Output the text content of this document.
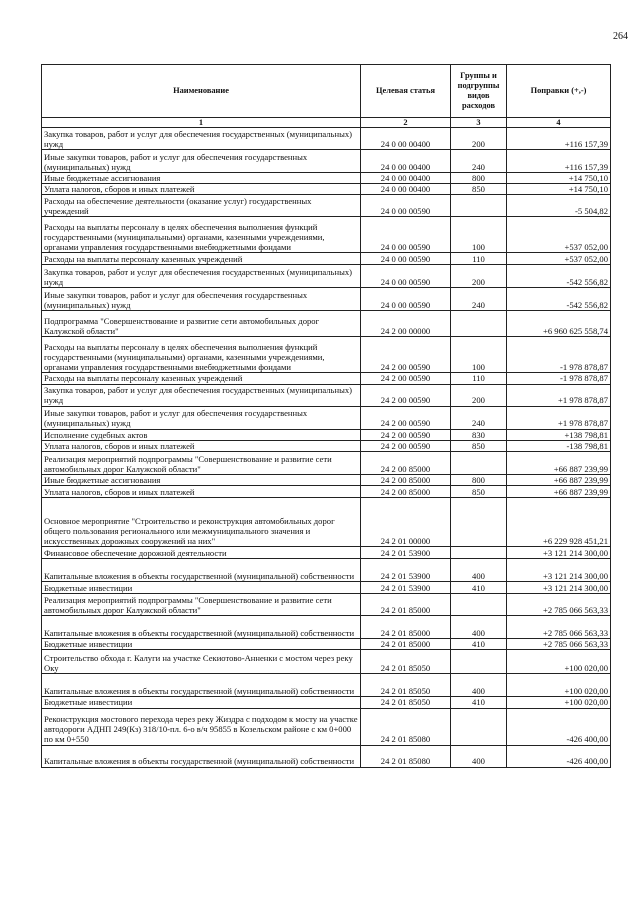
264
Наименование	Целевая статья	Группы и подгруппы видов расходов	Поправки (+,-)
1	2	3	4
Закупка товаров, работ и услуг для обеспечения государственных (муниципальных) нужд	24 0 00 00400	200	+116 157,39
Иные закупки товаров, работ и услуг для обеспечения государственных (муниципальных) нужд	24 0 00 00400	240	+116 157,39
Иные бюджетные ассигнования	24 0 00 00400	800	+14 750,10
Уплата налогов, сборов и иных платежей	24 0 00 00400	850	+14 750,10
Расходы на обеспечение деятельности (оказание услуг) государственных учреждений	24 0 00 00590		-5 504,82
Расходы на выплаты персоналу в целях обеспечения выполнения функций государственными (муниципальными) органами, казенными учреждениями, органами управления государственными внебюджетными фондами	24 0 00 00590	100	+537 052,00
Расходы на выплаты персоналу казенных учреждений	24 0 00 00590	110	+537 052,00
Закупка товаров, работ и услуг для обеспечения государственных (муниципальных) нужд	24 0 00 00590	200	-542 556,82
Иные закупки товаров, работ и услуг для обеспечения государственных (муниципальных) нужд	24 0 00 00590	240	-542 556,82
Подпрограмма "Совершенствование и развитие сети автомобильных дорог Калужской области"	24 2 00 00000		+6 960 625 558,74
Расходы на выплаты персоналу в целях обеспечения выполнения функций государственными (муниципальными) органами, казенными учреждениями, органами управления государственными внебюджетными фондами	24 2 00 00590	100	-1 978 878,87
Расходы на выплаты персоналу казенных учреждений	24 2 00 00590	110	-1 978 878,87
Закупка товаров, работ и услуг для обеспечения государственных (муниципальных) нужд	24 2 00 00590	200	+1 978 878,87
Иные закупки товаров, работ и услуг для обеспечения государственных (муниципальных) нужд	24 2 00 00590	240	+1 978 878,87
Исполнение судебных актов	24 2 00 00590	830	+138 798,81
Уплата налогов, сборов и иных платежей	24 2 00 00590	850	-138 798,81
Реализация мероприятий подпрограммы "Совершенствование и развитие сети автомобильных дорог Калужской области"	24 2 00 85000		+66 887 239,99
Иные бюджетные ассигнования	24 2 00 85000	800	+66 887 239,99
Уплата налогов, сборов и иных платежей	24 2 00 85000	850	+66 887 239,99
Основное мероприятие "Строительство и реконструкция автомобильных дорог общего пользования регионального или межмуниципального значения и искусственных дорожных сооружений на них"	24 2 01 00000		+6 229 928 451,21
Финансовое обеспечение дорожной деятельности	24 2 01 53900		+3 121 214 300,00
Капитальные вложения в объекты государственной (муниципальной) собственности	24 2 01 53900	400	+3 121 214 300,00
Бюджетные инвестиции	24 2 01 53900	410	+3 121 214 300,00
Реализация мероприятий подпрограммы "Совершенствование и развитие сети автомобильных дорог Калужской области"	24 2 01 85000		+2 785 066 563,33
Капитальные вложения в объекты государственной (муниципальной) собственности	24 2 01 85000	400	+2 785 066 563,33
Бюджетные инвестиции	24 2 01 85000	410	+2 785 066 563,33
Строительство обхода г. Калуги на участке Секиотово-Анненки с мостом через реку Оку	24 2 01 85050		+100 020,00
Капитальные вложения в объекты государственной (муниципальной) собственности	24 2 01 85050	400	+100 020,00
Бюджетные инвестиции	24 2 01 85050	410	+100 020,00
Реконструкция мостового перехода через реку Жиздра с подходом к мосту на участке автодороги АДНП 249(Кз) 318/10-пл. 6-о в/ч 95855 в Козельском районе с км 0+000 по км 0+550	24 2 01 85080		-426 400,00
Капитальные вложения в объекты государственной (муниципальной) собственности	24 2 01 85080	400	-426 400,00
